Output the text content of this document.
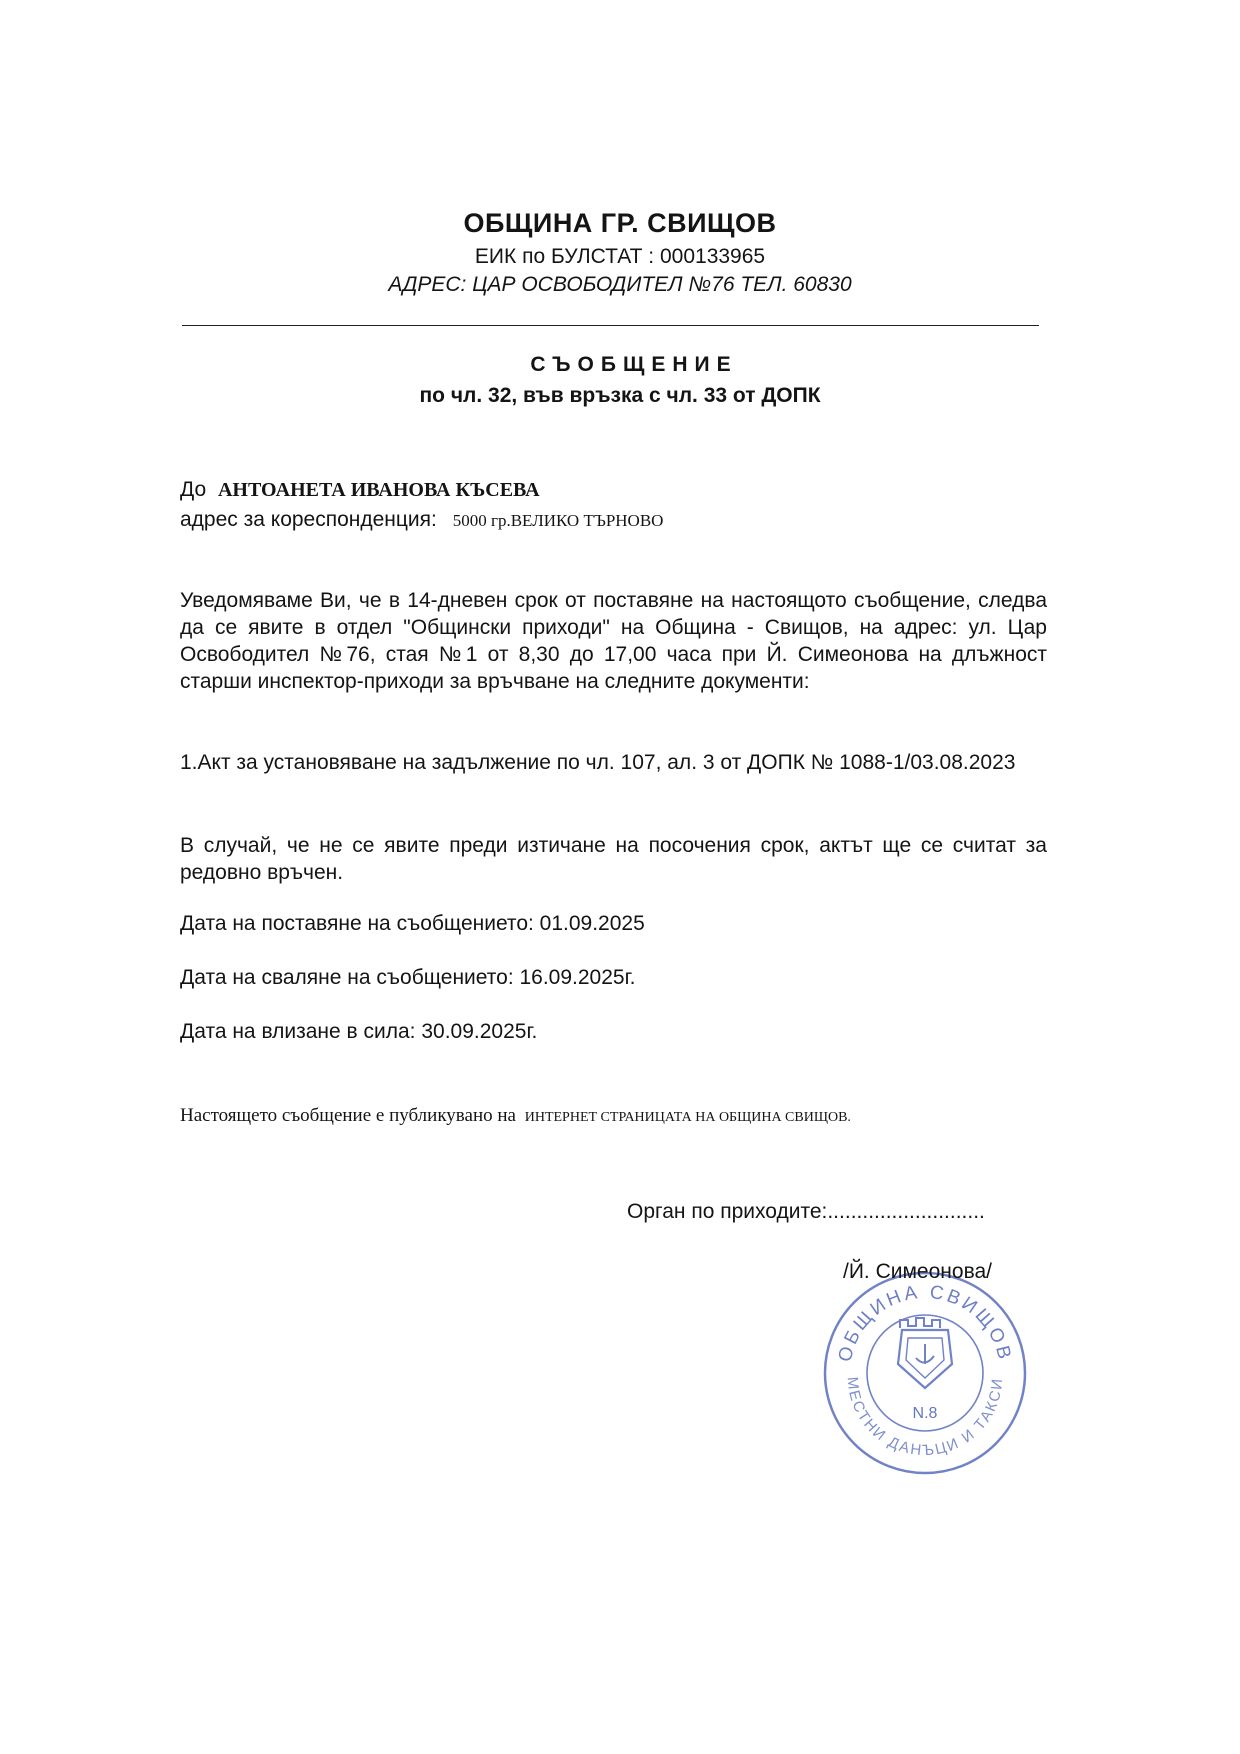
ОБЩИНА ГР. СВИЩОВ
ЕИК по БУЛСТАТ : 000133965
АДРЕС: ЦАР ОСВОБОДИТЕЛ №76 ТЕЛ. 60830
СЪОБЩЕНИЕ
по чл. 32, във връзка с чл. 33 от ДОПК
До АНТОАНЕТА ИВАНОВА КЪСЕВА
адрес за кореспонденция: 5000 гр.ВЕЛИКО ТЪРНОВО
Уведомяваме Ви, че в 14-дневен срок от поставяне на настоящото съобщение, следва да се явите в отдел "Общински приходи" на Община - Свищов, на адрес: ул. Цар Освободител №76, стая №1 от 8,30 до 17,00 часа при Й. Симеонова на длъжност старши инспектор-приходи за връчване на следните документи:
1.Акт за установяване на задължение по чл. 107, ал. 3 от ДОПК № 1088-1/03.08.2023
В случай, че не се явите преди изтичане на посочения срок, актът ще се считат за редовно връчен.
Дата на поставяне на съобщението: 01.09.2025
Дата на сваляне на съобщението: 16.09.2025г.
Дата на влизане в сила: 30.09.2025г.
Настоящето съобщение е публикувано на ИНТЕРНЕТ СТРАНИЦАТА НА ОБЩИНА СВИЩОВ.
Орган по приходите:...........................
ОБЩИНА СВИЩОВ
МЕСТНИ ДАНЪЦИ И ТАКСИ
N.8
/Й. Симеонова/
